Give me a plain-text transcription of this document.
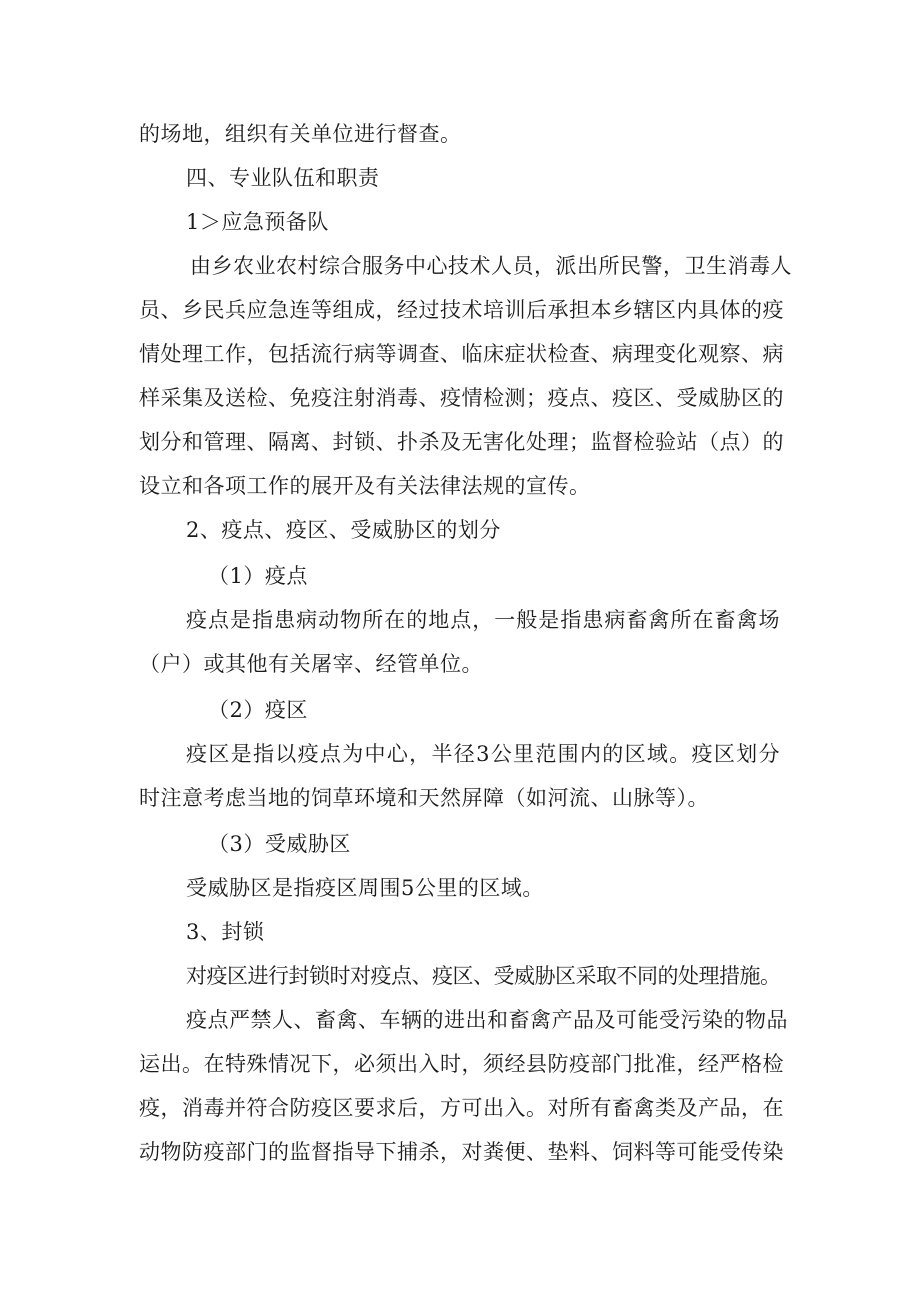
的场地，组织有关单位进行督查。
四、专业队伍和职责
1＞应急预备队
由乡农业农村综合服务中心技术人员，派出所民警，卫生消毒人
员、乡民兵应急连等组成，经过技术培训后承担本乡辖区内具体的疫
情处理工作，包括流行病等调查、临床症状检查、病理变化观察、病
样采集及送检、免疫注射消毒、疫情检测；疫点、疫区、受威胁区的
划分和管理、隔离、封锁、扑杀及无害化处理；监督检验站（点）的
设立和各项工作的展开及有关法律法规的宣传。
2、疫点、疫区、受威胁区的划分
（1）疫点
疫点是指患病动物所在的地点，一般是指患病畜禽所在畜禽场
（户）或其他有关屠宰、经管单位。
（2）疫区
疫区是指以疫点为中心，半径3公里范围内的区域。疫区划分
时注意考虑当地的饲草环境和天然屏障（如河流、山脉等）。
（3）受威胁区
受威胁区是指疫区周围5公里的区域。
3、封锁
对疫区进行封锁时对疫点、疫区、受威胁区采取不同的处理措施。
疫点严禁人、畜禽、车辆的进出和畜禽产品及可能受污染的物品
运出。在特殊情况下，必须出入时，须经县防疫部门批准，经严格检
疫，消毒并符合防疫区要求后，方可出入。对所有畜禽类及产品，在
动物防疫部门的监督指导下捕杀，对粪便、垫料、饲料等可能受传染
